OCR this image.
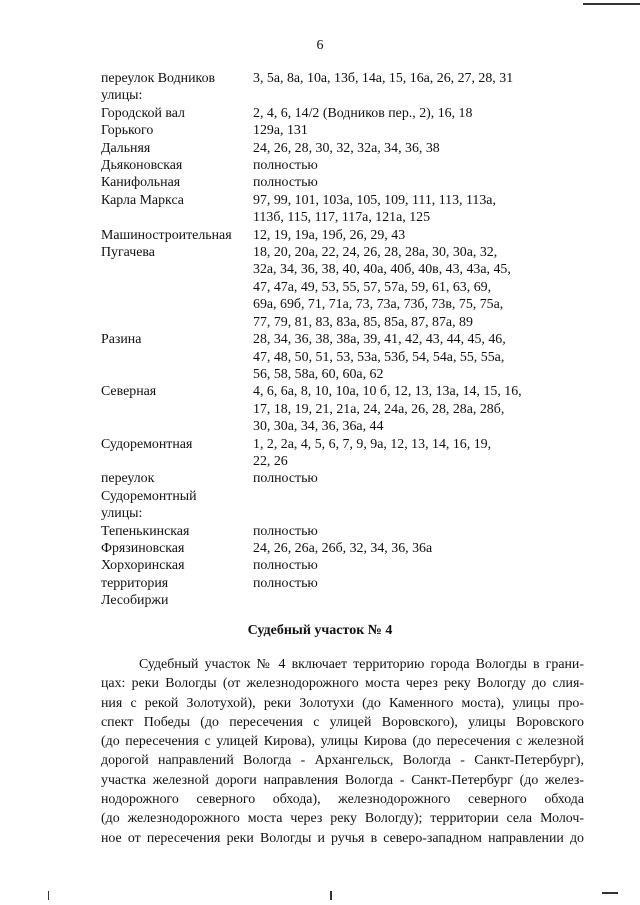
6
переулок Водников
улицы:	3, 5а, 8а, 10а, 13б, 14а, 15, 16а, 26, 27, 28, 31

Городской вал	2, 4, 6, 14/2 (Водников пер., 2), 16, 18

Горького	129а, 131

Дальняя	24, 26, 28, 30, 32, 32а, 34, 36, 38

Дьяконовская	полностью

Канифольная	полностью

Карла Маркса	97, 99, 101, 103а, 105, 109, 111, 113, 113а,
113б, 115, 117, 117а, 121а, 125

Машиностроительная	12, 19, 19а, 19б, 26, 29, 43

Пугачева	18, 20, 20а, 22, 24, 26, 28, 28а, 30, 30а, 32,
32а, 34, 36, 38, 40, 40а, 40б, 40в, 43, 43а, 45,
47, 47а, 49, 53, 55, 57, 57а, 59, 61, 63, 69,
69а, 69б, 71, 71а, 73, 73а, 73б, 73в, 75, 75а,
77, 79, 81, 83, 83а, 85, 85а, 87, 87а, 89

Разина	28, 34, 36, 38, 38а, 39, 41, 42, 43, 44, 45, 46,
47, 48, 50, 51, 53, 53а, 53б, 54, 54а, 55, 55а,
56, 58, 58а, 60, 60а, 62

Северная	4, 6, 6а, 8, 10, 10а, 10 б, 12, 13, 13а, 14, 15, 16,
17, 18, 19, 21, 21а, 24, 24а, 26, 28, 28а, 28б,
30, 30а, 34, 36, 36а, 44

Судоремонтная	1, 2, 2а, 4, 5, 6, 7, 9, 9а, 12, 13, 14, 16, 19,
22, 26

переулок
Судоремонтный
улицы:	полностью

Тепенькинская	полностью

Фрязиновская	24, 26, 26а, 26б, 32, 34, 36, 36а

Хорхоринская	полностью

территория
Лесобиржи	полностью
Судебный участок № 4
Судебный участок № 4 включает территорию города Вологды в грани-
цах: реки Вологды (от железнодорожного моста через реку Вологду до слия-
ния с рекой Золотухой), реки Золотухи (до Каменного моста), улицы про-
спект Победы (до пересечения с улицей Воровского), улицы Воровского
(до пересечения с улицей Кирова), улицы Кирова (до пересечения с железной
дорогой направлений Вологда - Архангельск, Вологда - Санкт-Петербург),
участка железной дороги направления Вологда - Санкт-Петербург (до желез-
нодорожного северного обхода), железнодорожного северного обхода
(до железнодорожного моста через реку Вологду); территории села Молоч-
ное от пересечения реки Вологды и ручья в северо-западном направлении до
